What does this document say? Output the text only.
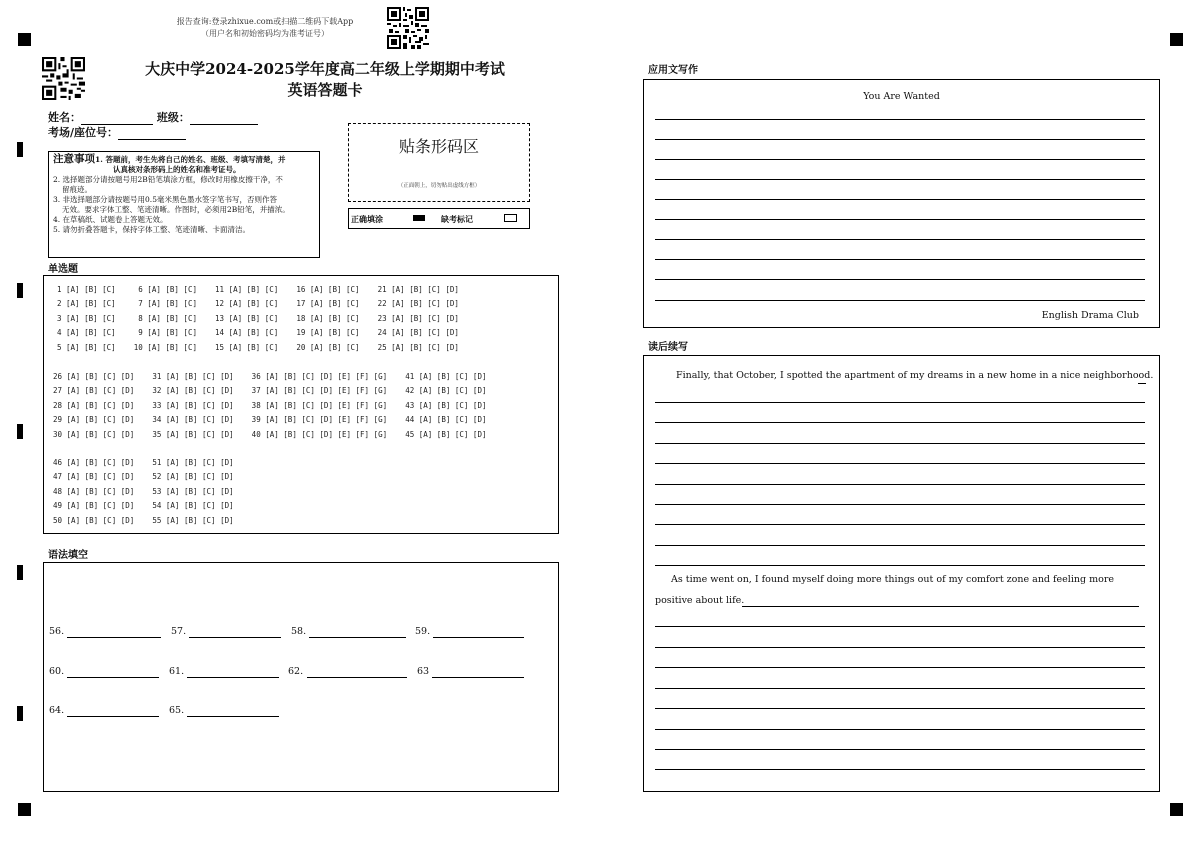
报告查询:登录zhixue.com或扫描二维码下载App
（用户名和初始密码均为准考证号）
大庆中学2024-2025学年度高二年级上学期期中考试
英语答题卡
姓名：	班级：
考场/座位号：
注意事项1. 答题前，考生先将自己的姓名、班级、考填写清楚，并
认真核对条形码上的姓名和准考证号。
2. 选择题部分请按题号用2B铅笔填涂方框，修改时用橡皮擦干净，不
留痕迹。
3. 非选择题部分请按题号用0.5毫米黑色墨水签字笔书写，否则作答
无效。要求字体工整、笔迹清晰。作图时，必须用2B铅笔，并描浓。
4. 在草稿纸、试题卷上答题无效。
5. 请勿折叠答题卡，保持字体工整、笔迹清晰、卡面清洁。
贴条形码区
（正面朝上，切勿贴出虚线方框）
正确填涂	缺考标记
单选题
1 [A] [B] [C]     6 [A] [B] [C]    11 [A] [B] [C]    16 [A] [B] [C]    21 [A] [B] [C] [D]
2 [A] [B] [C]     7 [A] [B] [C]    12 [A] [B] [C]    17 [A] [B] [C]    22 [A] [B] [C] [D]
3 [A] [B] [C]     8 [A] [B] [C]    13 [A] [B] [C]    18 [A] [B] [C]    23 [A] [B] [C] [D]
4 [A] [B] [C]     9 [A] [B] [C]    14 [A] [B] [C]    19 [A] [B] [C]    24 [A] [B] [C] [D]
5 [A] [B] [C]    10 [A] [B] [C]    15 [A] [B] [C]    20 [A] [B] [C]    25 [A] [B] [C] [D]
26 [A] [B] [C] [D]    31 [A] [B] [C] [D]    36 [A] [B] [C] [D] [E] [F] [G]    41 [A] [B] [C] [D]
27 [A] [B] [C] [D]    32 [A] [B] [C] [D]    37 [A] [B] [C] [D] [E] [F] [G]    42 [A] [B] [C] [D]
28 [A] [B] [C] [D]    33 [A] [B] [C] [D]    38 [A] [B] [C] [D] [E] [F] [G]    43 [A] [B] [C] [D]
29 [A] [B] [C] [D]    34 [A] [B] [C] [D]    39 [A] [B] [C] [D] [E] [F] [G]    44 [A] [B] [C] [D]
30 [A] [B] [C] [D]    35 [A] [B] [C] [D]    40 [A] [B] [C] [D] [E] [F] [G]    45 [A] [B] [C] [D]
46 [A] [B] [C] [D]    51 [A] [B] [C] [D]
47 [A] [B] [C] [D]    52 [A] [B] [C] [D]
48 [A] [B] [C] [D]    53 [A] [B] [C] [D]
49 [A] [B] [C] [D]    54 [A] [B] [C] [D]
50 [A] [B] [C] [D]    55 [A] [B] [C] [D]
语法填空
56.	57.	58.	59.
60.	61.	62.	63
64.	65.
应用文写作
You Are Wanted
English Drama Club
读后续写
Finally, that October, I spotted the apartment of my dreams in a new home in a nice neighborhood.
As time went on, I found myself doing more things out of my comfort zone and feeling more
positive about life.
